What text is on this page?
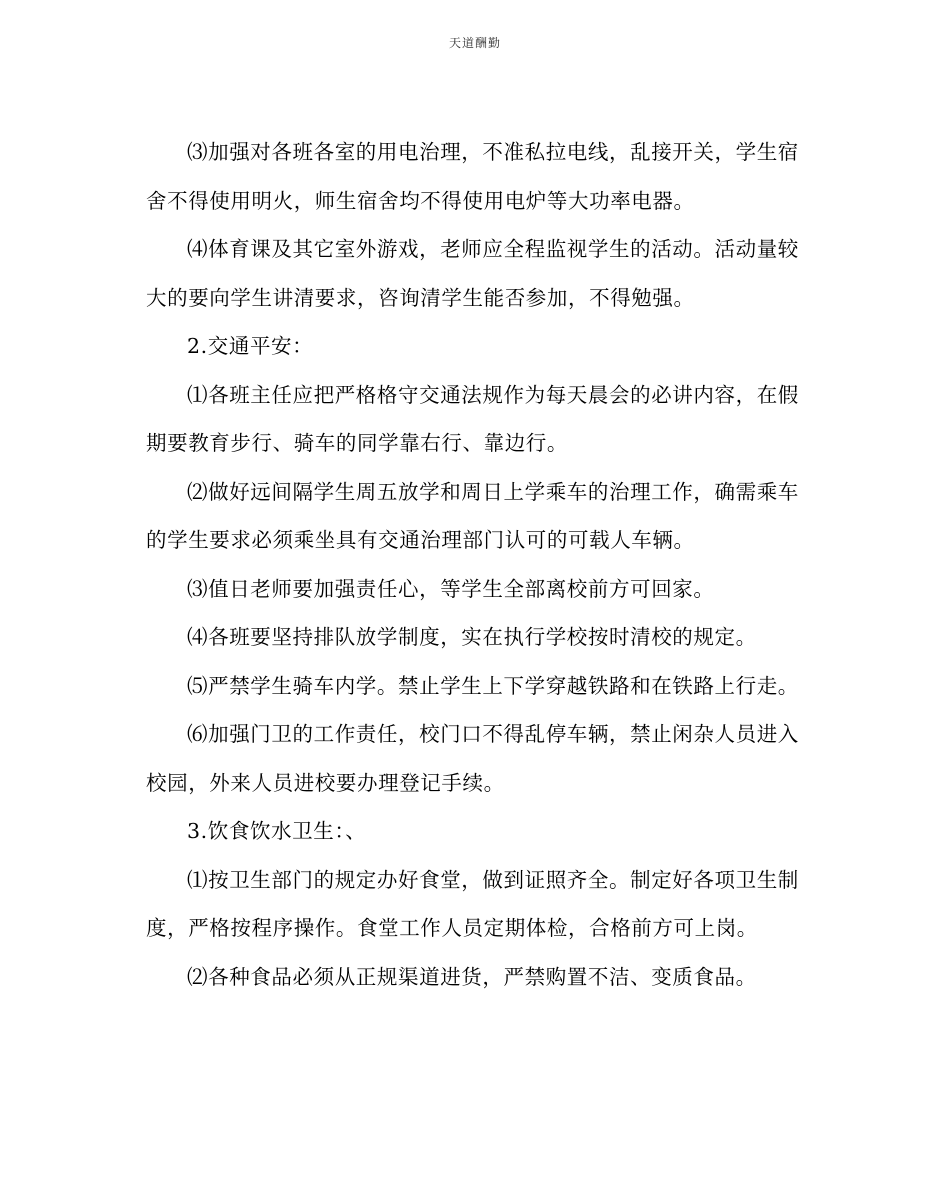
天道酬勤

⑶加强对各班各室的用电治理，不准私拉电线，乱接开关，学生宿舍不得使用明火，师生宿舍均不得使用电炉等大功率电器。

⑷体育课及其它室外游戏，老师应全程监视学生的活动。活动量较大的要向学生讲清要求，咨询清学生能否参加，不得勉强。

2.交通平安：

⑴各班主任应把严格格守交通法规作为每天晨会的必讲内容，在假期要教育步行、骑车的同学靠右行、靠边行。

⑵做好远间隔学生周五放学和周日上学乘车的治理工作，确需乘车的学生要求必须乘坐具有交通治理部门认可的可载人车辆。

⑶值日老师要加强责任心，等学生全部离校前方可回家。

⑷各班要坚持排队放学制度，实在执行学校按时清校的规定。

⑸严禁学生骑车内学。禁止学生上下学穿越铁路和在铁路上行走。

⑹加强门卫的工作责任，校门口不得乱停车辆，禁止闲杂人员进入校园，外来人员进校要办理登记手续。

3.饮食饮水卫生：、

⑴按卫生部门的规定办好食堂，做到证照齐全。制定好各项卫生制度，严格按程序操作。食堂工作人员定期体检，合格前方可上岗。

⑵各种食品必须从正规渠道进货，严禁购置不洁、变质食品。
